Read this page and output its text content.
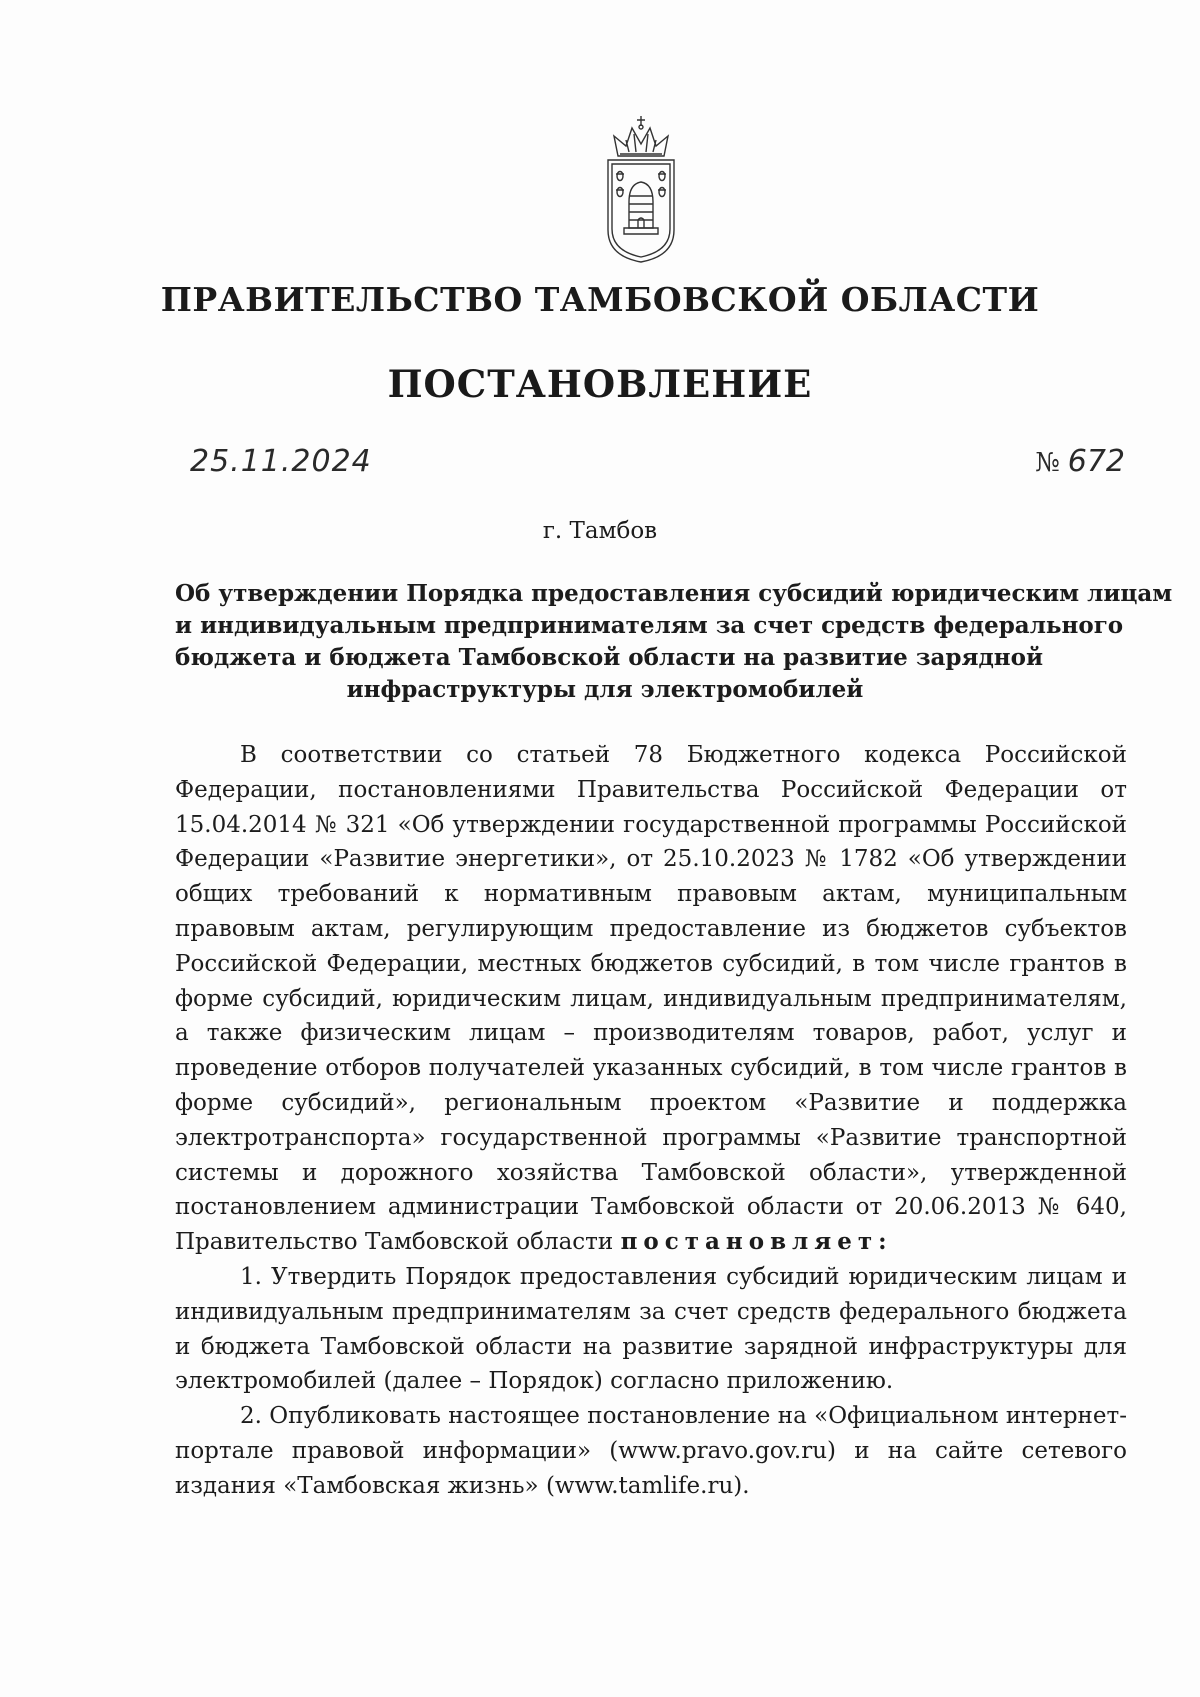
ПРАВИТЕЛЬСТВО ТАМБОВСКОЙ ОБЛАСТИ
ПОСТАНОВЛЕНИЕ
25.11.2024	№ 672
г. Тамбов
Об утверждении Порядка предоставления субсидий юридическим лицам
и индивидуальным предпринимателям за счет средств федерального
бюджета и бюджета Тамбовской области на развитие зарядной
инфраструктуры для электромобилей

В соответствии со статьей 78 Бюджетного кодекса Российской Федерации, постановлениями Правительства Российской Федерации от 15.04.2014 № 321 «Об утверждении государственной программы Российской Федерации «Развитие энергетики», от 25.10.2023 № 1782 «Об утверждении общих требований к нормативным правовым актам, муниципальным правовым актам, регулирующим предоставление из бюджетов субъектов Российской Федерации, местных бюджетов субсидий, в том числе грантов в форме субсидий, юридическим лицам, индивидуальным предпринимателям, а также физическим лицам – производителям товаров, работ, услуг и проведение отборов получателей указанных субсидий, в том числе грантов в форме субсидий», региональным проектом «Развитие и поддержка электротранспорта» государственной программы «Развитие транспортной системы и дорожного хозяйства Тамбовской области», утвержденной постановлением администрации Тамбовской области от 20.06.2013 № 640, Правительство Тамбовской области постановляет:

1. Утвердить Порядок предоставления субсидий юридическим лицам и индивидуальным предпринимателям за счет средств федерального бюджета и бюджета Тамбовской области на развитие зарядной инфраструктуры для электромобилей (далее – Порядок) согласно приложению.

2. Опубликовать настоящее постановление на «Официальном интернет-портале правовой информации» (www.pravo.gov.ru) и на сайте сетевого издания «Тамбовская жизнь» (www.tamlife.ru).
